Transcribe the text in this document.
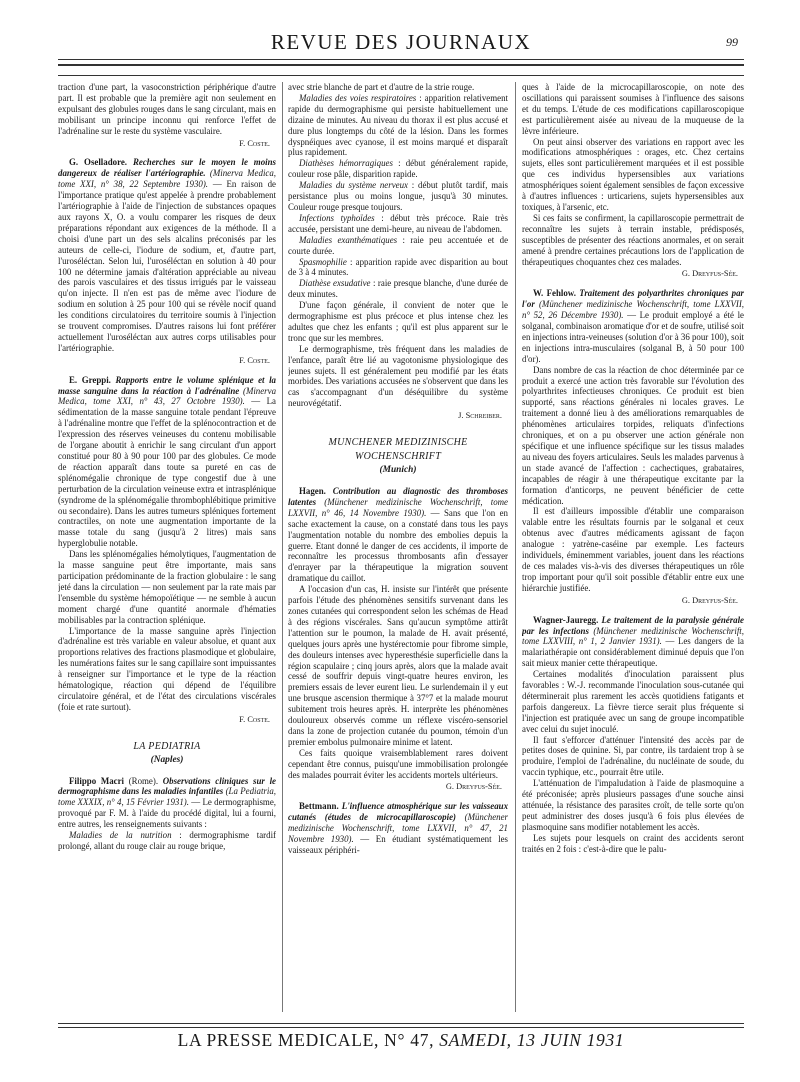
REVUE DES JOURNAUX	99

traction d'une part, la vasoconstriction périphérique d'autre part. Il est probable que la première agit non seulement en expulsant des globules rouges dans le sang circulant, mais en mobilisant un principe inconnu qui renforce l'effet de l'adrénaline sur le reste du système vasculaire.

F. Coste.

G. Oselladore. Recherches sur le moyen le moins dangereux de réaliser l'artériographie. (Minerva Medica, tome XXI, n° 38, 22 Septembre 1930). — En raison de l'importance pratique qu'est appelée à prendre probablement l'artériographie à l'aide de l'injection de substances opaques aux rayons X, O. a voulu comparer les risques de deux préparations répondant aux exigences de la méthode. Il a choisi d'une part un des sels alcalins préconisés par les auteurs de celle-ci, l'iodure de sodium, et, d'autre part, l'uroséléctan. Selon lui, l'uroséléctan en solution à 40 pour 100 ne détermine jamais d'altération appréciable au niveau des parois vasculaires et des tissus irrigués par le vaisseau qu'on injecte. Il n'en est pas de même avec l'iodure de sodium en solution à 25 pour 100 qui se révèle nocif quand les conditions circulatoires du territoire soumis à l'injection se trouvent compromises. D'autres raisons lui font préférer actuellement l'uroséléctan aux autres corps utilisables pour l'artériographie.

F. Coste.

E. Greppi. Rapports entre le volume splénique et la masse sanguine dans la réaction à l'adrénaline (Minerva Medica, tome XXI, n° 43, 27 Octobre 1930). — La sédimentation de la masse sanguine totale pendant l'épreuve à l'adrénaline montre que l'effet de la splénocontraction et de l'expression des réserves veineuses du contenu mobilisable de l'organe aboutit à enrichir le sang circulant d'un apport constitué pour 80 à 90 pour 100 par des globules. Ce mode de réaction apparaît dans toute sa pureté en cas de splénomégalie chronique de type congestif due à une perturbation de la circulation veineuse extra et intrasplénique (syndrome de la splénomégalie thrombophlébitique primitive ou secondaire). Dans les autres tumeurs spléniques fortement contractiles, on note une augmentation importante de la masse totale du sang (jusqu'à 2 litres) mais sans hyperglobulie notable.

Dans les splénomégalies hémolytiques, l'augmentation de la masse sanguine peut être importante, mais sans participation prédominante de la fraction globulaire : le sang jeté dans la circulation — non seulement par la rate mais par l'ensemble du système hémopoïétique — ne semble à aucun moment chargé d'une quantité anormale d'hématies mobilisables par la contraction splénique.

L'importance de la masse sanguine après l'injection d'adrénaline est très variable en valeur absolue, et quant aux proportions relatives des fractions plasmodique et globulaire, les numérations faites sur le sang capillaire sont impuissantes à renseigner sur l'importance et le type de la réaction hématologique, réaction qui dépend de l'équilibre circulatoire général, et de l'état des circulations viscérales (foie et rate surtout).

F. Coste.

LA PEDIATRIA
(Naples)

Filippo Macri (Rome). Observations cliniques sur le dermographisme dans les maladies infantiles (La Pediatria, tome XXXIX, n° 4, 15 Février 1931). — Le dermographisme, provoqué par F. M. à l'aide du procédé digital, lui a fourni, entre autres, les renseignements suivants :

Maladies de la nutrition : dermographisme tardif prolongé, allant du rouge clair au rouge brique,

avec strie blanche de part et d'autre de la strie rouge.

Maladies des voies respiratoires : apparition relativement rapide du dermographisme qui persiste habituellement une dizaine de minutes. Au niveau du thorax il est plus accusé et dure plus longtemps du côté de la lésion. Dans les formes dyspnéiques avec cyanose, il est moins marqué et disparaît plus rapidement.

Diathèses hémorragiques : début généralement rapide, couleur rose pâle, disparition rapide.

Maladies du système nerveux : début plutôt tardif, mais persistance plus ou moins longue, jusqu'à 30 minutes. Couleur rouge presque toujours.

Infections typhoïdes : début très précoce. Raie très accusée, persistant une demi-heure, au niveau de l'abdomen.

Maladies exanthématiques : raie peu accentuée et de courte durée.

Spasmophilie : apparition rapide avec disparition au bout de 3 à 4 minutes.

Diathèse exsudative : raie presque blanche, d'une durée de deux minutes.

D'une façon générale, il convient de noter que le dermographisme est plus précoce et plus intense chez les adultes que chez les enfants ; qu'il est plus apparent sur le tronc que sur les membres.

Le dermographisme, très fréquent dans les maladies de l'enfance, paraît être lié au vagotonisme physiologique des jeunes sujets. Il est généralement peu modifié par les états morbides. Des variations accusées ne s'observent que dans les cas s'accompagnant d'un déséquilibre du système neurovégétatif.

J. Schreiber.

MUNCHENER MEDIZINISCHE WOCHENSCHRIFT
(Munich)

Hagen. Contribution au diagnostic des thromboses latentes (Münchener medizinische Wochenschrift, tome LXXVII, n° 46, 14 Novembre 1930). — Sans que l'on en sache exactement la cause, on a constaté dans tous les pays l'augmentation notable du nombre des embolies depuis la guerre. Etant donné le danger de ces accidents, il importe de reconnaître les processus thrombosants afin d'essayer d'enrayer par la thérapeutique la migration souvent dramatique du caillot.

A l'occasion d'un cas, H. insiste sur l'intérêt que présente parfois l'étude des phénomènes sensitifs survenant dans les zones cutanées qui correspondent selon les schémas de Head à des régions viscérales. Sans qu'aucun symptôme attirât l'attention sur le poumon, la malade de H. avait présenté, quelques jours après une hystérectomie pour fibrome simple, des douleurs intenses avec hyperesthésie superficielle dans la région scapulaire ; cinq jours après, alors que la malade avait cessé de souffrir depuis vingt-quatre heures environ, les premiers essais de lever eurent lieu. Le surlendemain il y eut une brusque ascension thermique à 37°7 et la malade mourut subitement trois heures après. H. interprète les phénomènes douloureux observés comme un réflexe viscéro-sensoriel dans la zone de projection cutanée du poumon, témoin d'un premier embolus pulmonaire minime et latent.

Ces faits quoique vraisemblablement rares doivent cependant être connus, puisqu'une immobilisation prolongée des malades pourrait éviter les accidents mortels ultérieurs.

G. Dreyfus-Sée.

Bettmann. L'influence atmosphérique sur les vaisseaux cutanés (études de microcapillaroscopie) (Münchener medizinische Wochenschrift, tome LXXVII, n° 47, 21 Novembre 1930). — En étudiant systématiquement les vaisseaux périphéri-

ques à l'aide de la microcapillaroscopie, on note des oscillations qui paraissent soumises à l'influence des saisons et du temps. L'étude de ces modifications capillaroscopique est particulièrement aisée au niveau de la muqueuse de la lèvre inférieure.

On peut ainsi observer des variations en rapport avec les modifications atmosphériques : orages, etc. Chez certains sujets, elles sont particulièrement marquées et il est possible que ces individus hypersensibles aux variations atmosphériques soient également sensibles de façon excessive à d'autres influences : urticariens, sujets hypersensibles aux toxiques, à l'arsenic, etc.

Si ces faits se confirment, la capillaroscopie permettrait de reconnaître les sujets à terrain instable, prédisposés, susceptibles de présenter des réactions anormales, et on serait amené à prendre certaines précautions lors de l'application de thérapeutiques choquantes chez ces malades.

G. Dreyfus-Sée.

W. Fehlow. Traitement des polyarthrites chroniques par l'or (Münchener medizinische Wochenschrift, tome LXXVII, n° 52, 26 Décembre 1930). — Le produit employé a été le solganal, combinaison aromatique d'or et de soufre, utilisé soit en injections intra-veineuses (solution d'or à 36 pour 100), soit en injections intra-musculaires (solganal B, à 50 pour 100 d'or).

Dans nombre de cas la réaction de choc déterminée par ce produit a exercé une action très favorable sur l'évolution des polyarthrites infectieuses chroniques. Ce produit est bien supporté, sans réactions générales ni locales graves. Le traitement a donné lieu à des améliorations remarquables de phénomènes articulaires torpides, reliquats d'infections chroniques, et on a pu observer une action générale non spécifique et une influence spécifique sur les tissus malades au niveau des foyers articulaires. Seuls les malades parvenus à un stade avancé de l'affection : cachectiques, grabataires, incapables de réagir à une thérapeutique excitante par la formation d'anticorps, ne peuvent bénéficier de cette médication.

Il est d'ailleurs impossible d'établir une comparaison valable entre les résultats fournis par le solganal et ceux obtenus avec d'autres médicaments agissant de façon analogue : yatrène-caséine par exemple. Les facteurs individuels, éminemment variables, jouent dans les réactions de ces malades vis-à-vis des diverses thérapeutiques un rôle trop important pour qu'il soit possible d'établir entre eux une hiérarchie justifiée.

G. Dreyfus-Sée.

Wagner-Jauregg. Le traitement de la paralysie générale par les infections (Münchener medizinische Wochenschrift, tome LXXVIII, n° 1, 2 Janvier 1931). — Les dangers de la malariathérapie ont considérablement diminué depuis que l'on sait mieux manier cette thérapeutique.

Certaines modalités d'inoculation paraissent plus favorables : W.-J. recommande l'inoculation sous-cutanée qui déterminerait plus rarement les accès quotidiens fatigants et parfois dangereux. La fièvre tierce serait plus fréquente si l'injection est pratiquée avec un sang de groupe incompatible avec celui du sujet inoculé.

Il faut s'efforcer d'atténuer l'intensité des accès par de petites doses de quinine. Si, par contre, ils tardaient trop à se produire, l'emploi de l'adrénaline, du nucléinate de soude, du vaccin typhique, etc., pourrait être utile.

L'atténuation de l'impaludation à l'aide de plasmoquine a été préconisée; après plusieurs passages d'une souche ainsi atténuée, la résistance des parasites croît, de telle sorte qu'on peut administrer des doses jusqu'à 6 fois plus élevées de plasmoquine sans modifier notablement les accès.

Les sujets pour lesquels on craint des accidents seront traités en 2 fois : c'est-à-dire que le palu-

LA PRESSE MEDICALE, N° 47, SAMEDI, 13 JUIN 1931
